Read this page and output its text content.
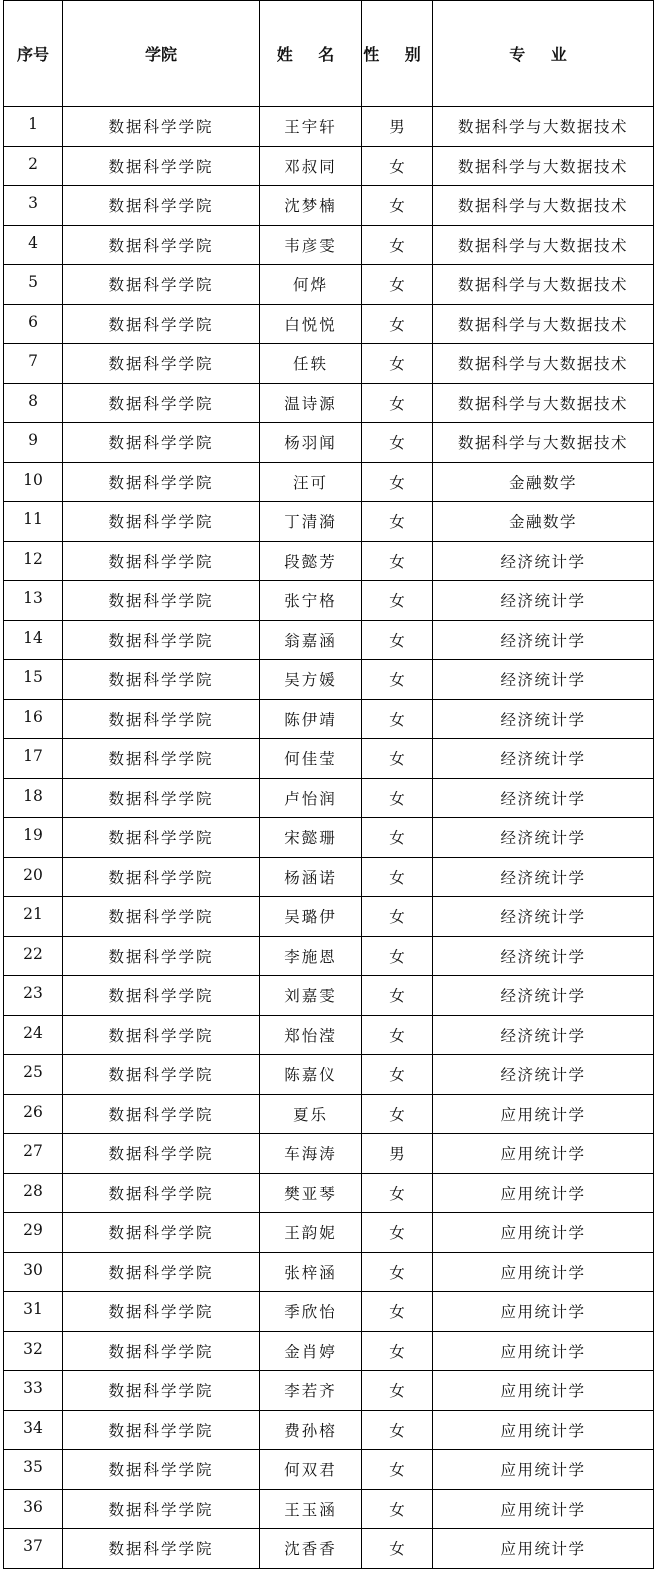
序号	学院	姓 名	性 别	专 业
1	数据科学学院	王宇轩	男	数据科学与大数据技术
2	数据科学学院	邓叔同	女	数据科学与大数据技术
3	数据科学学院	沈梦楠	女	数据科学与大数据技术
4	数据科学学院	韦彦雯	女	数据科学与大数据技术
5	数据科学学院	何烨	女	数据科学与大数据技术
6	数据科学学院	白悦悦	女	数据科学与大数据技术
7	数据科学学院	任轶	女	数据科学与大数据技术
8	数据科学学院	温诗源	女	数据科学与大数据技术
9	数据科学学院	杨羽闻	女	数据科学与大数据技术
10	数据科学学院	汪可	女	金融数学
11	数据科学学院	丁清漪	女	金融数学
12	数据科学学院	段懿芳	女	经济统计学
13	数据科学学院	张宁格	女	经济统计学
14	数据科学学院	翁嘉涵	女	经济统计学
15	数据科学学院	吴方媛	女	经济统计学
16	数据科学学院	陈伊靖	女	经济统计学
17	数据科学学院	何佳莹	女	经济统计学
18	数据科学学院	卢怡润	女	经济统计学
19	数据科学学院	宋懿珊	女	经济统计学
20	数据科学学院	杨涵诺	女	经济统计学
21	数据科学学院	吴璐伊	女	经济统计学
22	数据科学学院	李施恩	女	经济统计学
23	数据科学学院	刘嘉雯	女	经济统计学
24	数据科学学院	郑怡滢	女	经济统计学
25	数据科学学院	陈嘉仪	女	经济统计学
26	数据科学学院	夏乐	女	应用统计学
27	数据科学学院	车海涛	男	应用统计学
28	数据科学学院	樊亚琴	女	应用统计学
29	数据科学学院	王韵妮	女	应用统计学
30	数据科学学院	张梓涵	女	应用统计学
31	数据科学学院	季欣怡	女	应用统计学
32	数据科学学院	金肖婷	女	应用统计学
33	数据科学学院	李若齐	女	应用统计学
34	数据科学学院	费孙榕	女	应用统计学
35	数据科学学院	何双君	女	应用统计学
36	数据科学学院	王玉涵	女	应用统计学
37	数据科学学院	沈香香	女	应用统计学
